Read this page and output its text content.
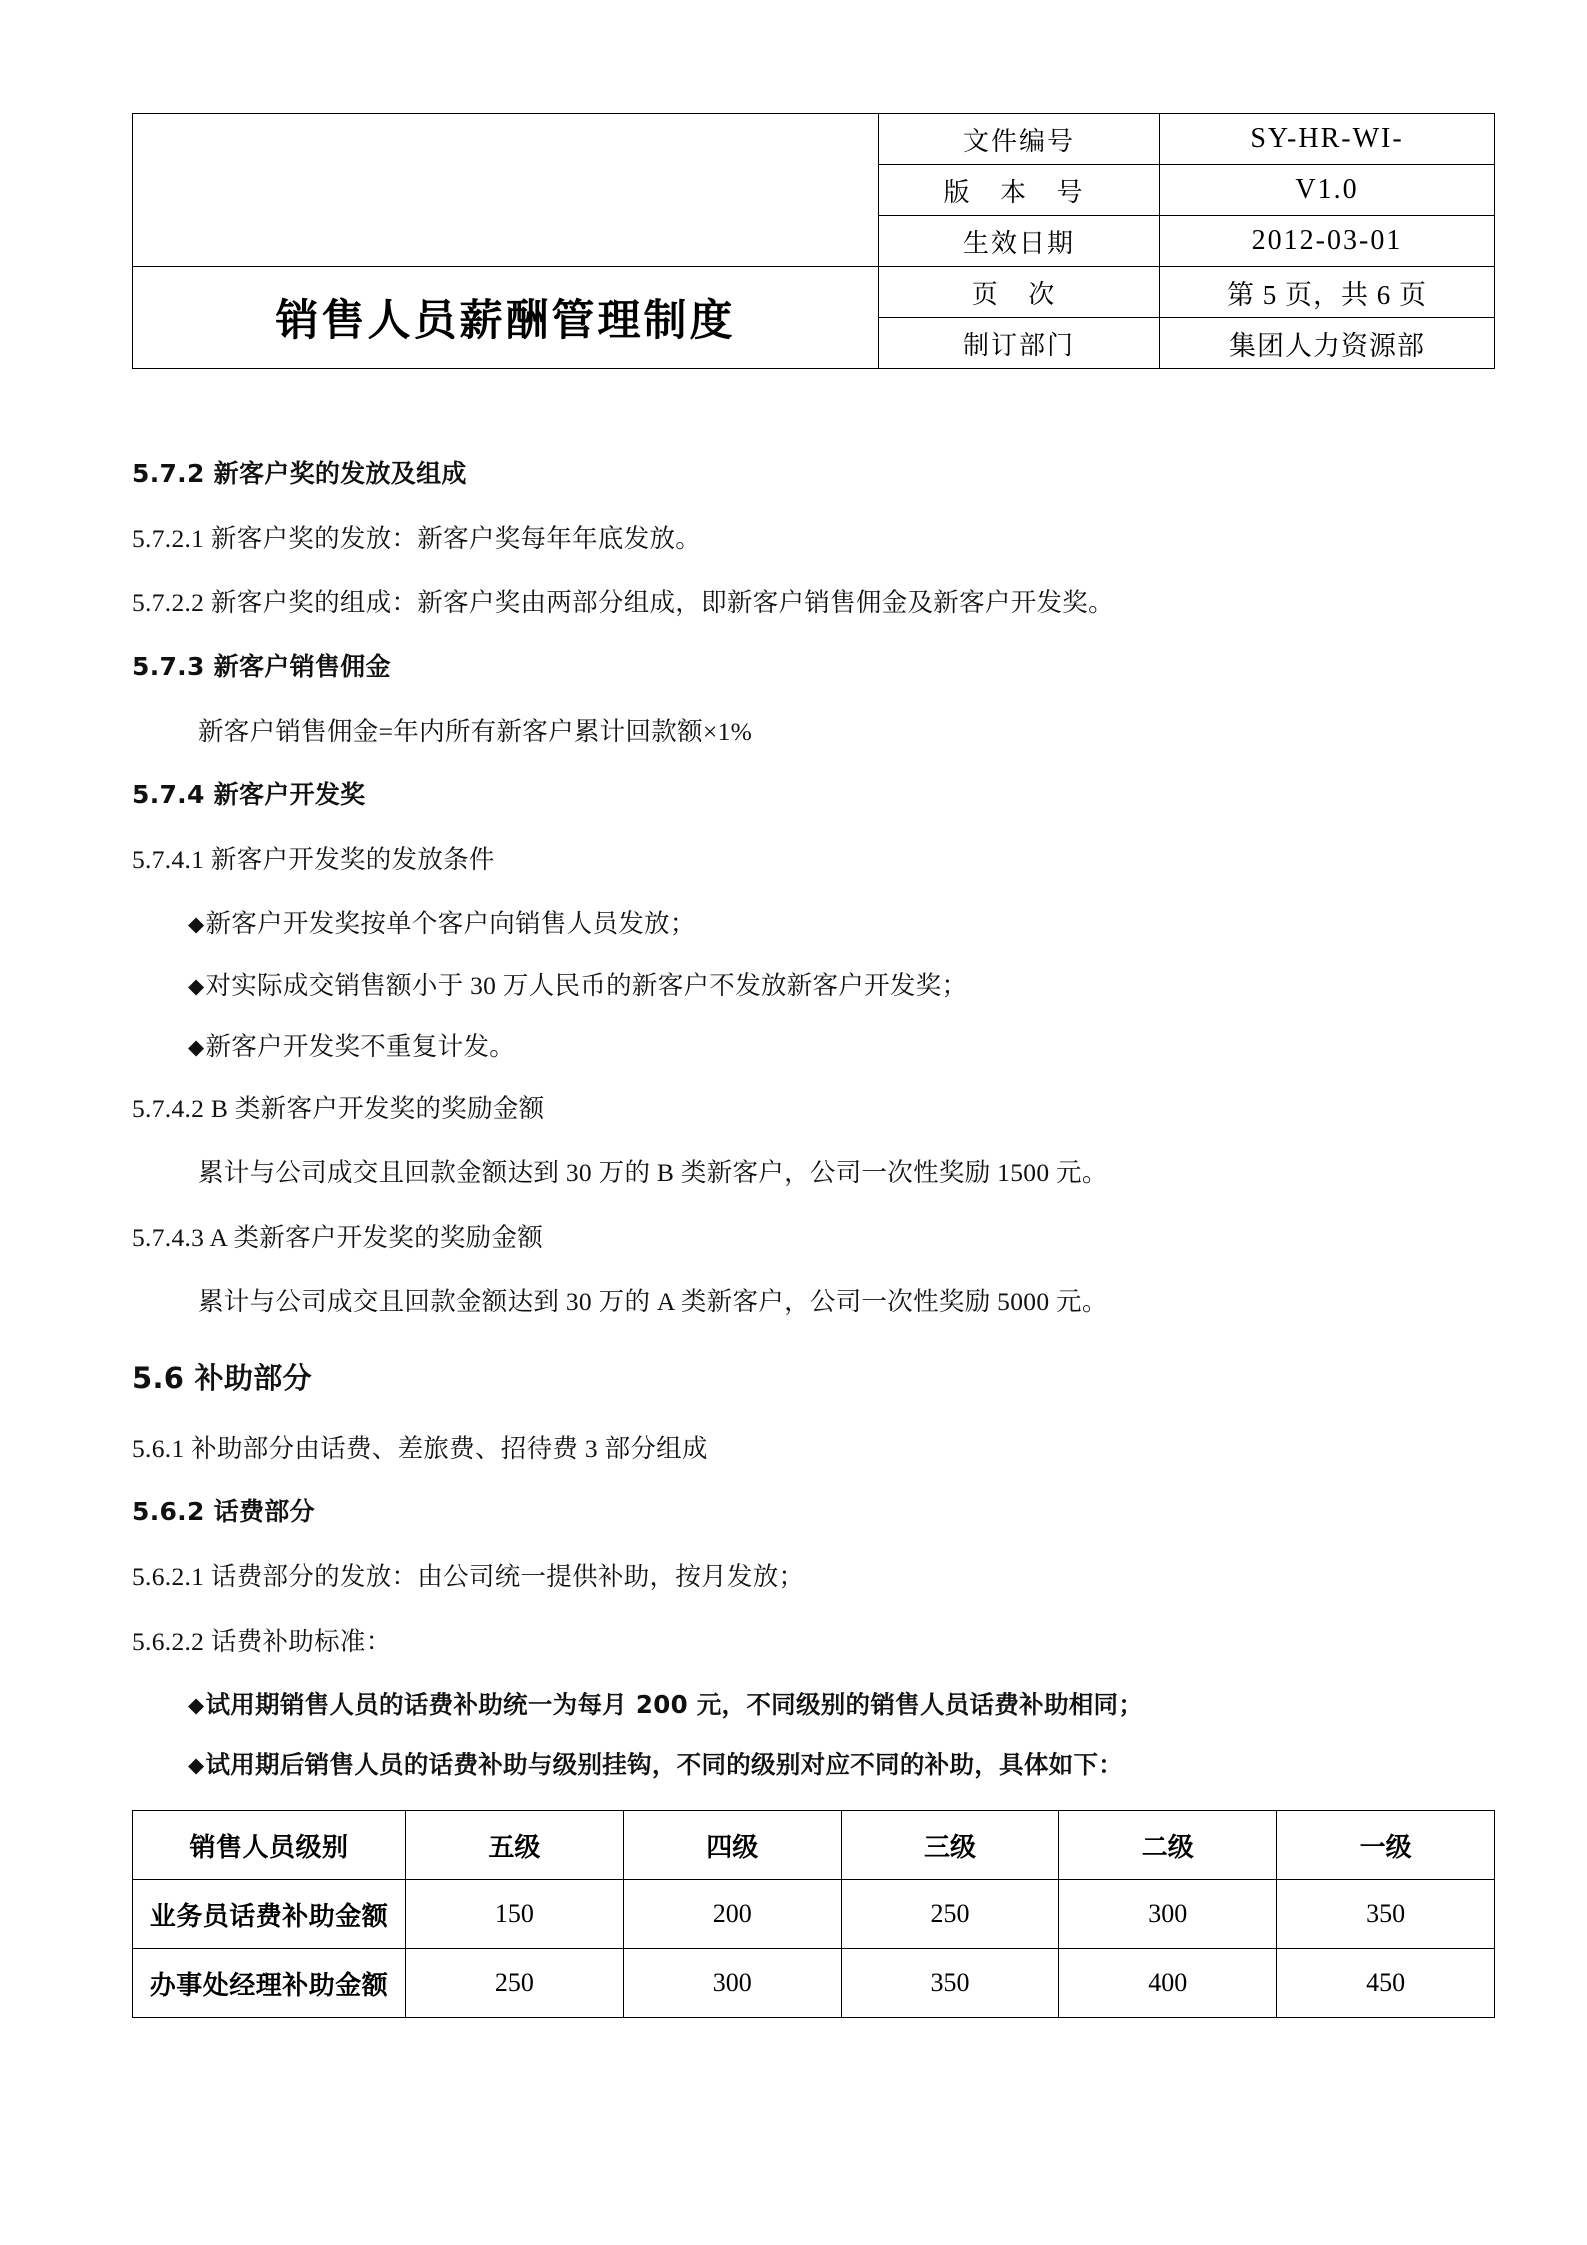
	文件编号	SY-HR-WI-
	版 本 号	V1.0
	生效日期	2012-03-01
销售人员薪酬管理制度	页 次	第 5 页，共 6 页
	制订部门	集团人力资源部

5.7.2 新客户奖的发放及组成

5.7.2.1 新客户奖的发放：新客户奖每年年底发放。

5.7.2.2 新客户奖的组成：新客户奖由两部分组成，即新客户销售佣金及新客户开发奖。

5.7.3 新客户销售佣金

新客户销售佣金=年内所有新客户累计回款额×1%

5.7.4 新客户开发奖

5.7.4.1 新客户开发奖的发放条件

◆新客户开发奖按单个客户向销售人员发放；

◆对实际成交销售额小于 30 万人民币的新客户不发放新客户开发奖；

◆新客户开发奖不重复计发。

5.7.4.2 B 类新客户开发奖的奖励金额

累计与公司成交且回款金额达到 30 万的 B 类新客户，公司一次性奖励 1500 元。

5.7.4.3 A 类新客户开发奖的奖励金额

累计与公司成交且回款金额达到 30 万的 A 类新客户，公司一次性奖励 5000 元。

5.6 补助部分

5.6.1 补助部分由话费、差旅费、招待费 3 部分组成

5.6.2 话费部分

5.6.2.1 话费部分的发放：由公司统一提供补助，按月发放；

5.6.2.2 话费补助标准：

◆试用期销售人员的话费补助统一为每月 200 元，不同级别的销售人员话费补助相同；

◆试用期后销售人员的话费补助与级别挂钩，不同的级别对应不同的补助，具体如下：

销售人员级别	五级	四级	三级	二级	一级
业务员话费补助金额	150	200	250	300	350
办事处经理补助金额	250	300	350	400	450
